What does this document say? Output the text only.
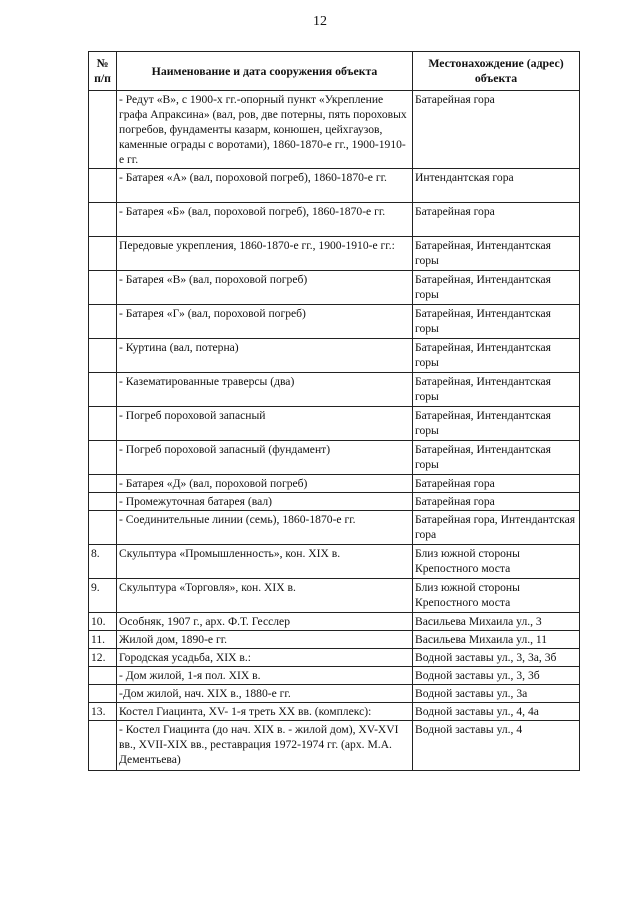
12
№ п/п	Наименование и дата сооружения объекта	Местонахождение (адрес) объекта
	- Редут «В», с 1900-х гг.-опорный пункт «Укрепление графа Апраксина» (вал, ров, две потерны, пять пороховых погребов, фундаменты казарм, конюшен, цейхгаузов, каменные ограды с воротами), 1860-1870-е гг., 1900-1910-е гг.	Батарейная гора
	- Батарея «А» (вал, пороховой погреб), 1860-1870-е гг.	Интендантская гора
	- Батарея «Б» (вал, пороховой погреб), 1860-1870-е гг.	Батарейная гора
	Передовые укрепления, 1860-1870-е гг., 1900-1910-е гг.:	Батарейная, Интендантская горы
	- Батарея «В» (вал, пороховой погреб)	Батарейная, Интендантская горы
	- Батарея «Г» (вал, пороховой погреб)	Батарейная, Интендантская горы
	- Куртина (вал, потерна)	Батарейная, Интендантская горы
	- Казематированные траверсы (два)	Батарейная, Интендантская горы
	- Погреб пороховой запасный	Батарейная, Интендантская горы
	- Погреб пороховой запасный (фундамент)	Батарейная, Интендантская горы
	- Батарея «Д» (вал, пороховой погреб)	Батарейная гора
	- Промежуточная батарея (вал)	Батарейная гора
	- Соединительные линии (семь), 1860-1870-е гг.	Батарейная гора, Интендантская гора
8.	Скульптура «Промышленность», кон. XIX в.	Близ южной стороны Крепостного моста
9.	Скульптура «Торговля», кон. XIX в.	Близ южной стороны Крепостного моста
10.	Особняк, 1907 г., арх. Ф.Т. Гесслер	Васильева Михаила ул., 3
11.	Жилой дом, 1890-е гг.	Васильева Михаила ул., 11
12.	Городская усадьба, XIX в.:	Водной заставы ул., 3, 3а, 3б
	- Дом жилой, 1-я пол. XIX в.	Водной заставы ул., 3, 3б
	-Дом жилой, нач. XIX в., 1880-е гг.	Водной заставы ул., 3а
13.	Костел Гиацинта, XV- 1-я треть XX вв. (комплекс):	Водной заставы ул., 4, 4а
	- Костел Гиацинта (до нач. XIX в. - жилой дом), XV-XVI вв., XVII-XIX вв., реставрация 1972-1974 гг. (арх. М.А. Дементьева)	Водной заставы ул., 4
